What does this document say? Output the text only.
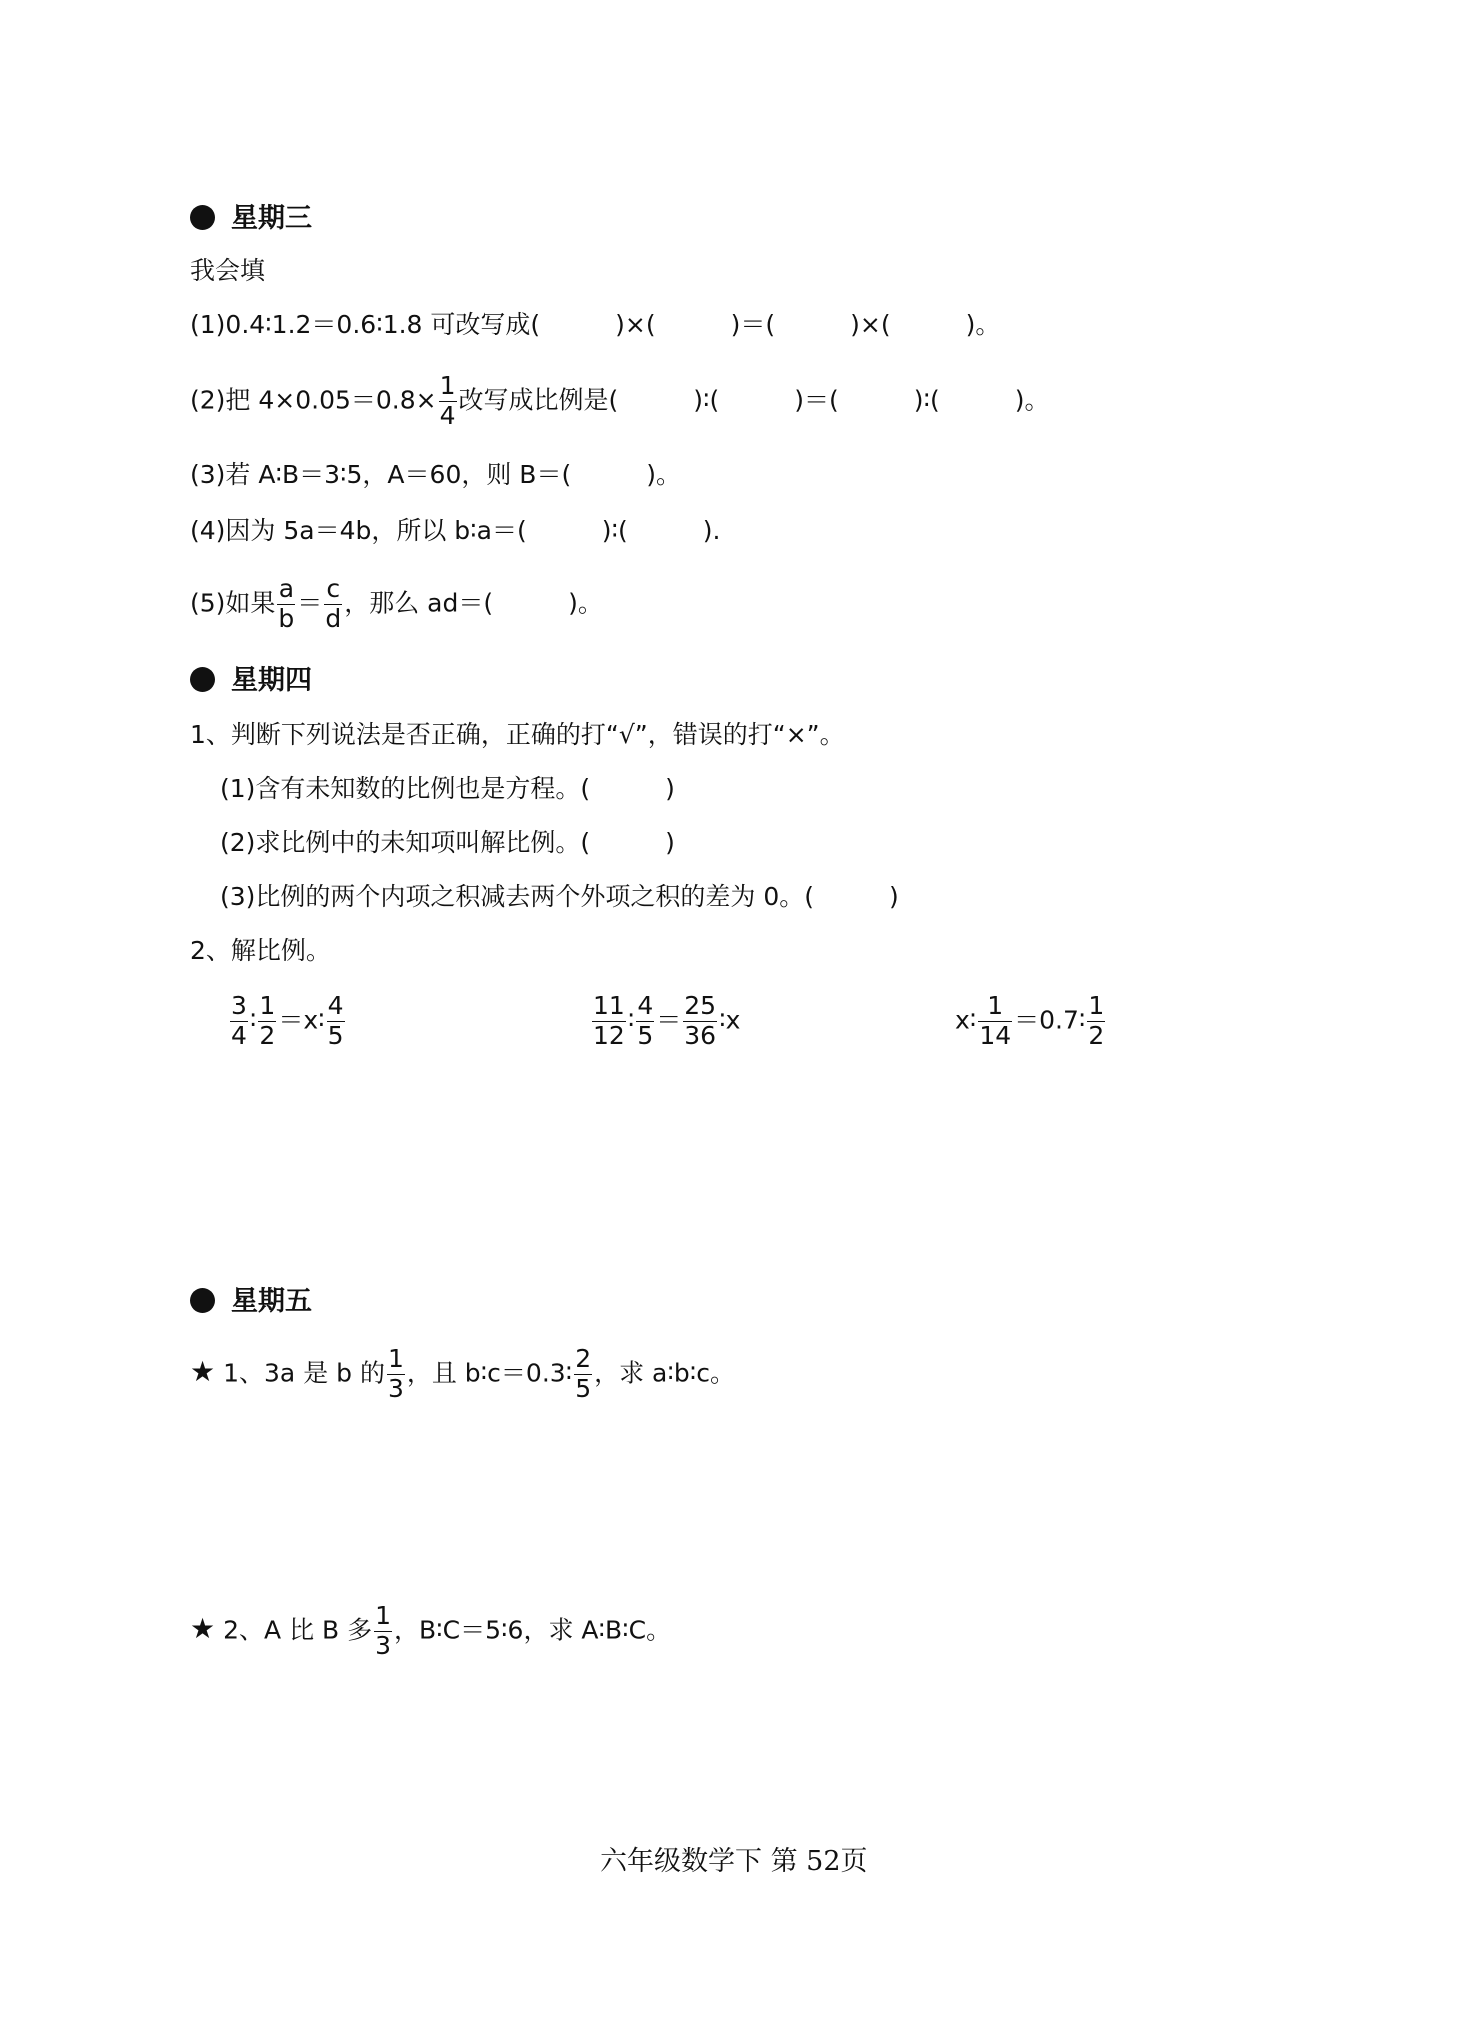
星期三
我会填
(1)0.4∶1.2＝0.6∶1.8 可改写成(　　　)×(　　　)＝(　　　)×(　　　)。
(2)把 $4\times 0.05=0.8\times \frac{1}{4}$ 改写成比例是(　　　)∶(　　　)＝(　　　)∶(　　　)。
(3)若 A∶B＝3∶5，A＝60，则 B＝(　　　)。
(4)因为 5a＝4b，所以 b∶a＝(　　　)∶(　　　).
(5)如果 $\frac{a}{b} = \frac{c}{d}$ ，那么 ad＝(　　　)。
星期四
1、判断下列说法是否正确，正确的打“√”，错误的打“×”。
(1)含有未知数的比例也是方程。(　　　)
(2)求比例中的未知项叫解比例。(　　　)
(3)比例的两个内项之积减去两个外项之积的差为 0。(　　　)
2、解比例。
$\frac{3}{4}$ ∶ $\frac{1}{2}$ ＝x∶ $\frac{4}{5}$	$\frac{11}{12}$ ∶ $\frac{4}{5} = \frac{25}{36}$ ∶x	x∶ $\frac{1}{14}$ ＝0.7∶ $\frac{1}{2}$
星期五
★ 1、3a 是 b 的 $\frac{1}{3}$ ，且 b∶c＝0.3∶ $\frac{2}{5}$ ，求 a∶b∶c。
★ 2、A 比 B 多 $\frac{1}{3}$ ，B∶C＝5∶6，求 A∶B∶C。
六年级数学下 第 52页
